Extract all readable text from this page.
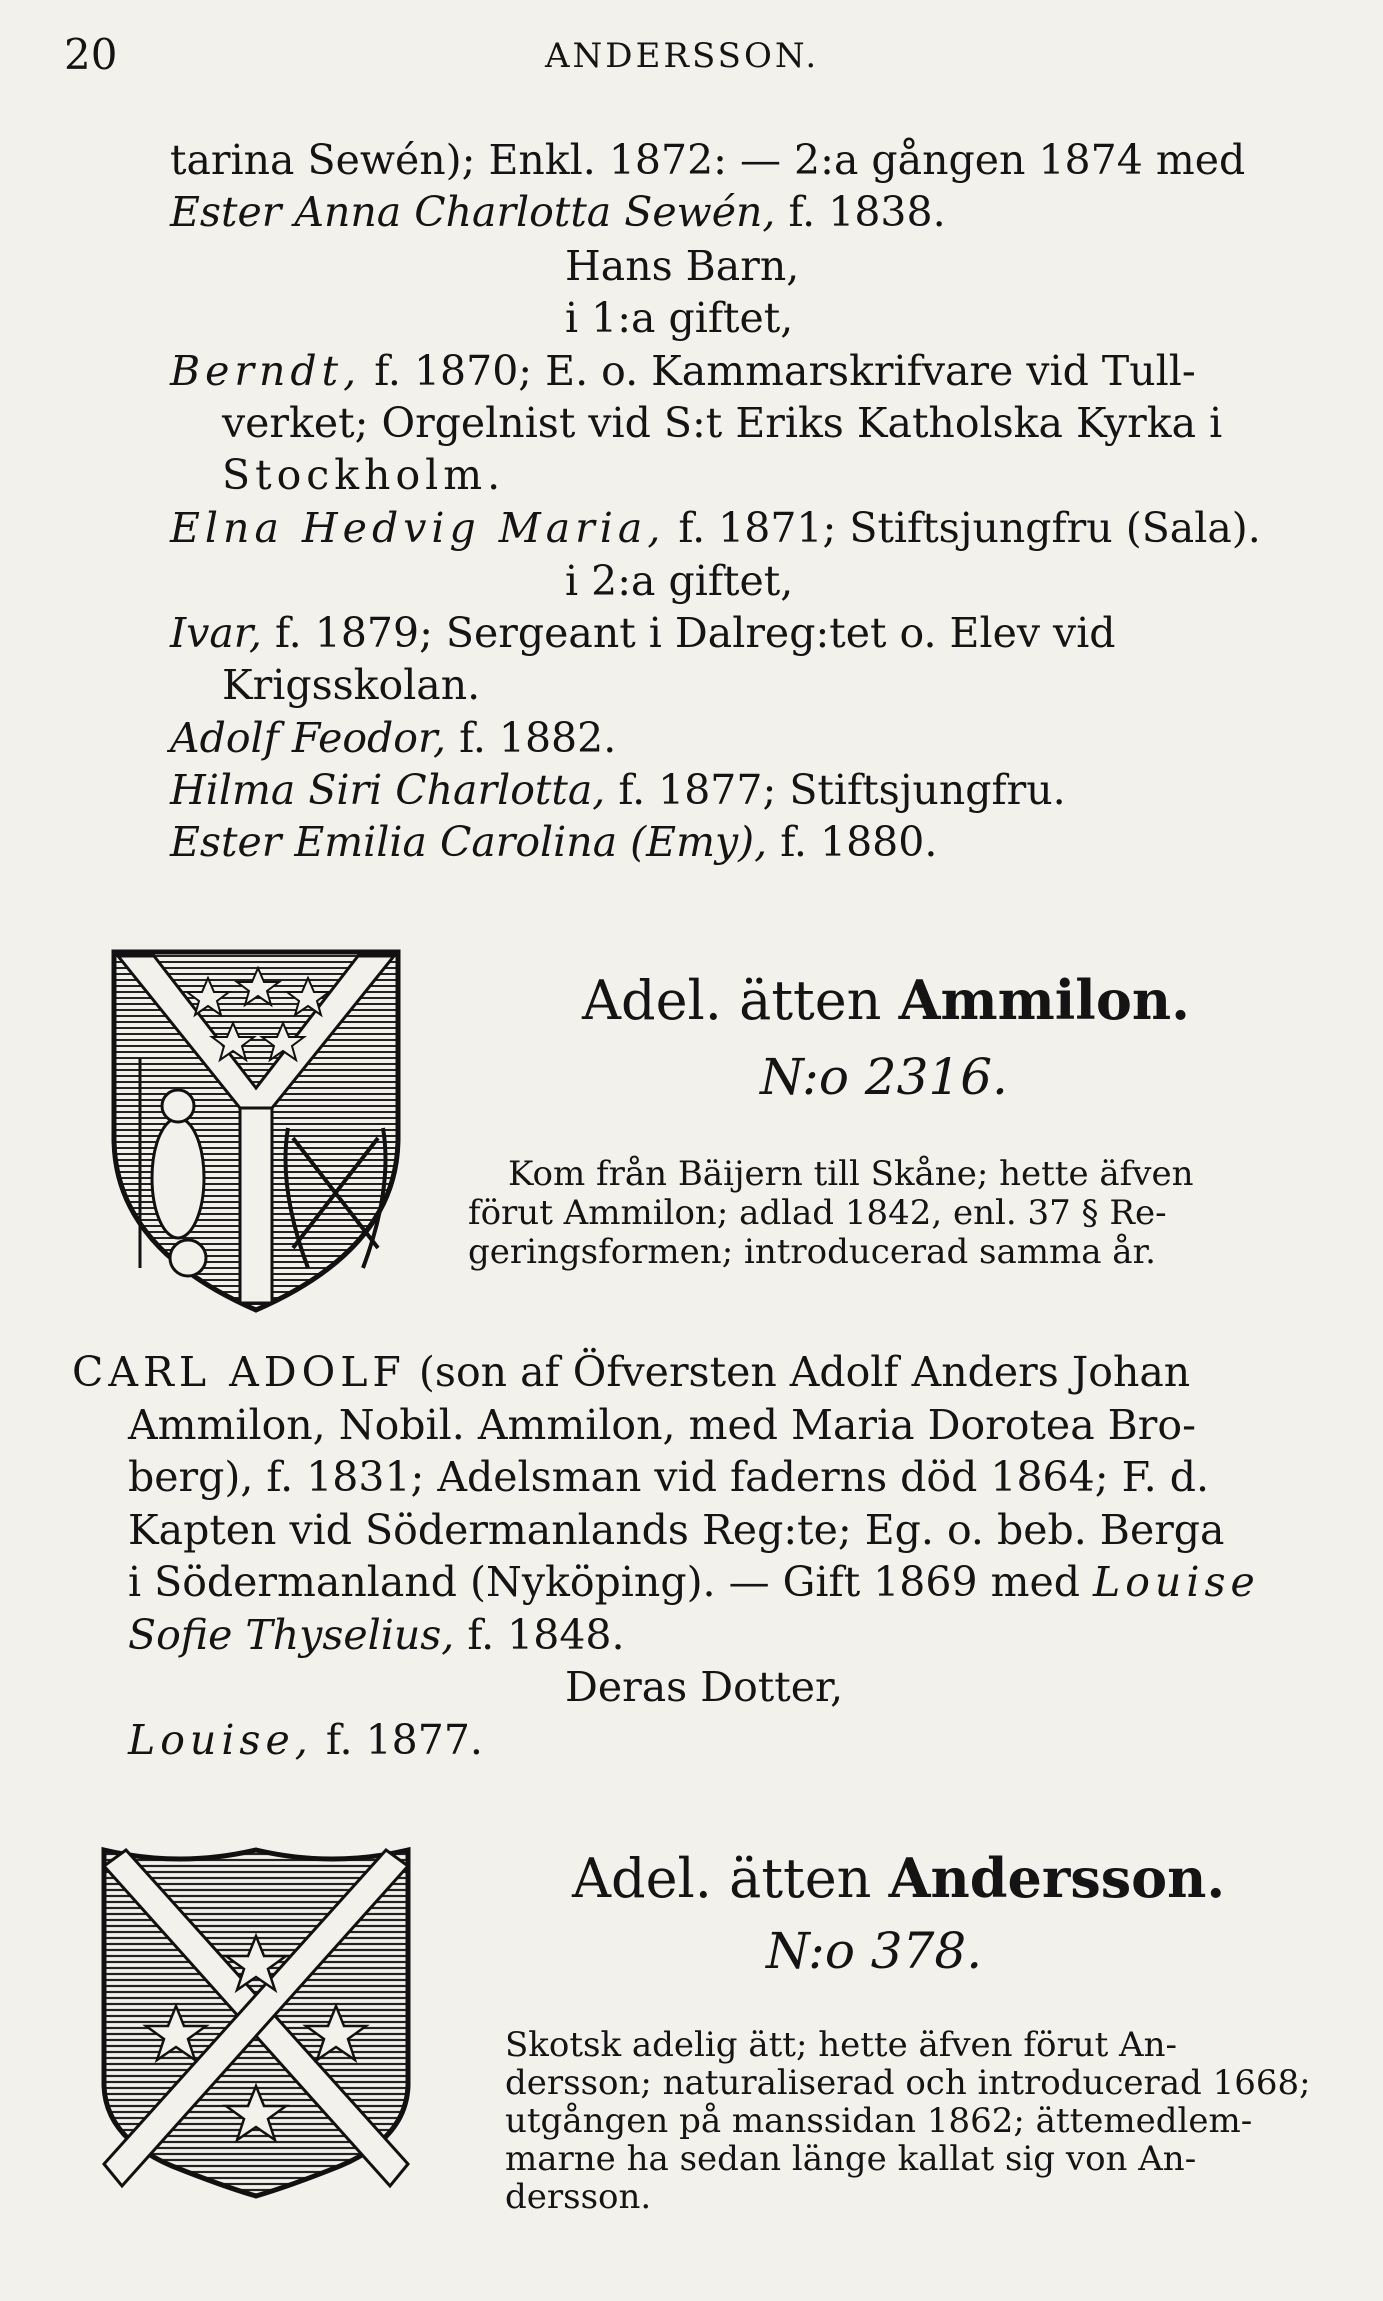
20	ANDERSSON.
tarina Sewén); Enkl. 1872: — 2:a gången 1874 med
Ester Anna Charlotta Sewén, f. 1838.
Hans Barn,
i 1:a giftet,
Berndt, f. 1870; E. o. Kammarskrifvare vid Tull-
verket; Orgelnist vid S:t Eriks Katholska Kyrka i
Stockholm.
Elna Hedvig Maria, f. 1871; Stiftsjungfru (Sala).
i 2:a giftet,
Ivar, f. 1879; Sergeant i Dalreg:tet o. Elev vid
Krigsskolan.
Adolf Feodor, f. 1882.
Hilma Siri Charlotta, f. 1877; Stiftsjungfru.
Ester Emilia Carolina (Emy), f. 1880.
Adel. ätten Ammilon.
N:o 2316.
Kom från Bäijern till Skåne; hette äfven
förut Ammilon; adlad 1842, enl. 37 § Re-
geringsformen; introducerad samma år.
CARL ADOLF (son af Öfversten Adolf Anders Johan
Ammilon, Nobil. Ammilon, med Maria Dorotea Bro-
berg), f. 1831; Adelsman vid faderns död 1864; F. d.
Kapten vid Södermanlands Reg:te; Eg. o. beb. Berga
i Södermanland (Nyköping). — Gift 1869 med Louise
Sofie Thyselius, f. 1848.
Deras Dotter,
Louise, f. 1877.
Adel. ätten Andersson.
N:o 378.
Skotsk adelig ätt; hette äfven förut An-
dersson; naturaliserad och introducerad 1668;
utgången på manssidan 1862; ättemedlem-
marne ha sedan länge kallat sig von An-
dersson.
